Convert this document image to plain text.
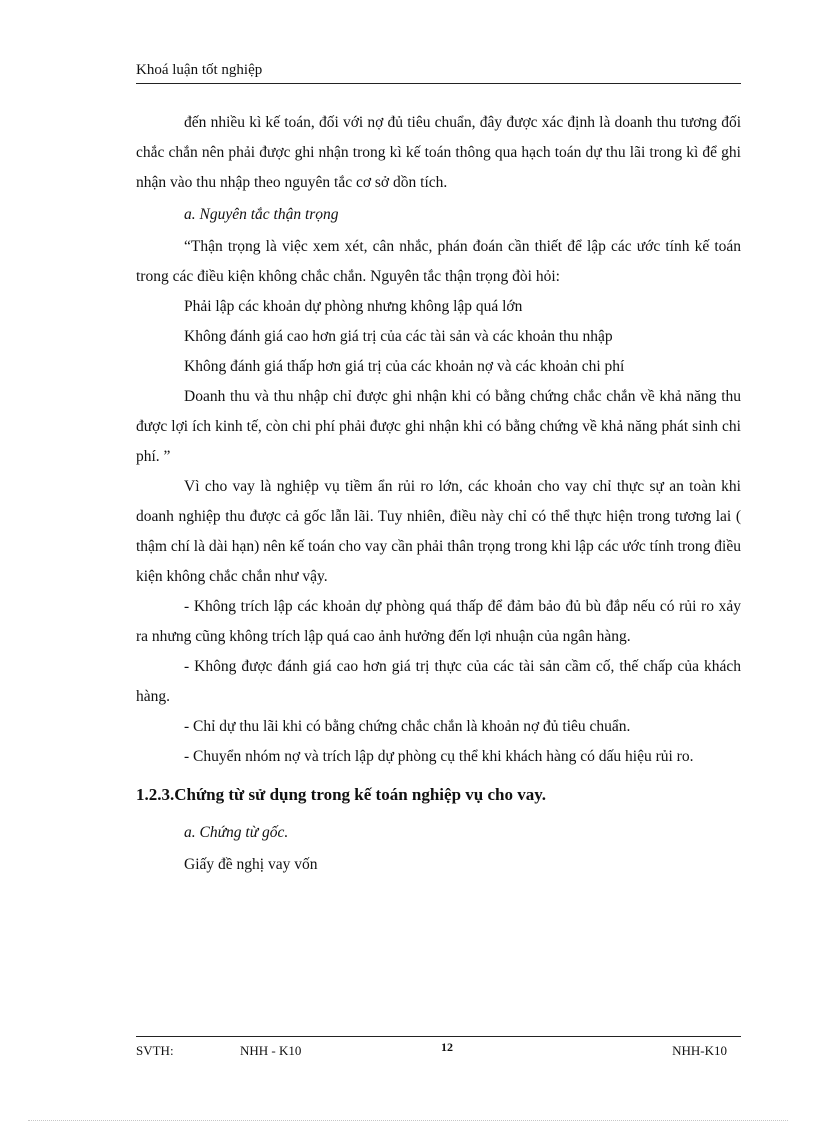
Khoá luận tốt nghiệp

đến nhiều kì kế toán, đối với nợ đủ tiêu chuẩn, đây được xác định là doanh thu tương đối chắc chắn nên phải được ghi nhận trong kì kế toán thông qua hạch toán dự thu lãi trong kì để ghi nhận vào thu nhập theo nguyên tắc cơ sở dồn tích.

a. Nguyên tắc thận trọng

“Thận trọng là việc xem xét, cân nhắc, phán đoán cần thiết để lập các ước tính kế toán trong các điều kiện không chắc chắn. Nguyên tắc thận trọng đòi hỏi:

Phải lập các khoản dự phòng nhưng không lập quá lớn

Không đánh giá cao hơn giá trị của các tài sản và các khoản thu nhập

Không đánh giá thấp hơn giá trị của các khoản nợ và các khoản chi phí

Doanh thu và thu nhập chỉ được ghi nhận khi có bằng chứng chắc chắn về khả năng thu được lợi ích kinh tế, còn chi phí phải được ghi nhận khi có bằng chứng về khả năng phát sinh chi phí. ”

Vì cho vay là nghiệp vụ tiềm ẩn rủi ro lớn, các khoản cho vay chỉ thực sự an toàn khi doanh nghiệp thu được cả gốc lẫn lãi. Tuy nhiên, điều này chỉ có thể thực hiện trong tương lai ( thậm chí là dài hạn) nên kế toán cho vay cần phải thân trọng trong khi lập các ước tính trong điều kiện không chắc chắn như vậy.

- Không trích lập các khoản dự phòng quá thấp để đảm bảo đủ bù đắp nếu có rủi ro xảy ra nhưng cũng không trích lập quá cao ảnh hưởng đến lợi nhuận của ngân hàng.

- Không được đánh giá cao hơn giá trị thực của các tài sản cầm cố, thế chấp của khách hàng.

- Chỉ dự thu lãi khi có bằng chứng chắc chắn là khoản nợ đủ tiêu chuẩn.

- Chuyển nhóm nợ và trích lập dự phòng cụ thể khi khách hàng có dấu hiệu rủi ro.

1.2.3.Chứng từ sử dụng trong kế toán nghiệp vụ cho vay.

a. Chứng từ gốc.

Giấy đề nghị vay vốn

SVTH:	NHH - K10	12	NHH-K10
